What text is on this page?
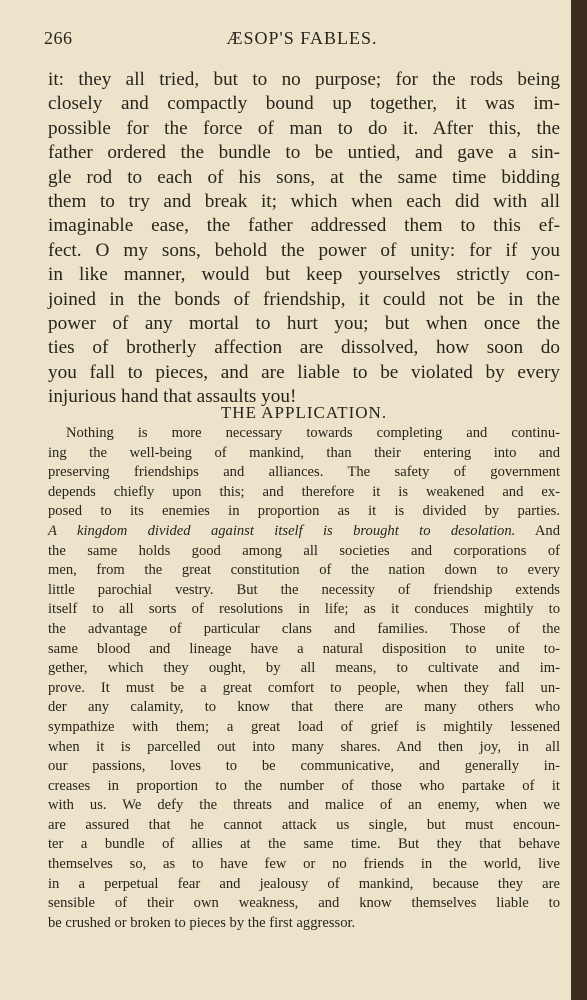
266	ÆSOP'S FABLES.
it: they all tried, but to no purpose; for the rods being
closely and compactly bound up together, it was im-
possible for the force of man to do it. After this, the
father ordered the bundle to be untied, and gave a sin-
gle rod to each of his sons, at the same time bidding
them to try and break it; which when each did with all
imaginable ease, the father addressed them to this ef-
fect. O my sons, behold the power of unity: for if you
in like manner, would but keep yourselves strictly con-
joined in the bonds of friendship, it could not be in the
power of any mortal to hurt you; but when once the
ties of brotherly affection are dissolved, how soon do
you fall to pieces, and are liable to be violated by every
injurious hand that assaults you!
THE APPLICATION.
Nothing is more necessary towards completing and continu-
ing the well-being of mankind, than their entering into and
preserving friendships and alliances. The safety of government
depends chiefly upon this; and therefore it is weakened and ex-
posed to its enemies in proportion as it is divided by parties.
A kingdom divided against itself is brought to desolation. And
the same holds good among all societies and corporations of
men, from the great constitution of the nation down to every
little parochial vestry. But the necessity of friendship extends
itself to all sorts of resolutions in life; as it conduces mightily to
the advantage of particular clans and families. Those of the
same blood and lineage have a natural disposition to unite to-
gether, which they ought, by all means, to cultivate and im-
prove. It must be a great comfort to people, when they fall un-
der any calamity, to know that there are many others who
sympathize with them; a great load of grief is mightily lessened
when it is parcelled out into many shares. And then joy, in all
our passions, loves to be communicative, and generally in-
creases in proportion to the number of those who partake of it
with us. We defy the threats and malice of an enemy, when we
are assured that he cannot attack us single, but must encoun-
ter a bundle of allies at the same time. But they that behave
themselves so, as to have few or no friends in the world, live
in a perpetual fear and jealousy of mankind, because they are
sensible of their own weakness, and know themselves liable to
be crushed or broken to pieces by the first aggressor.
